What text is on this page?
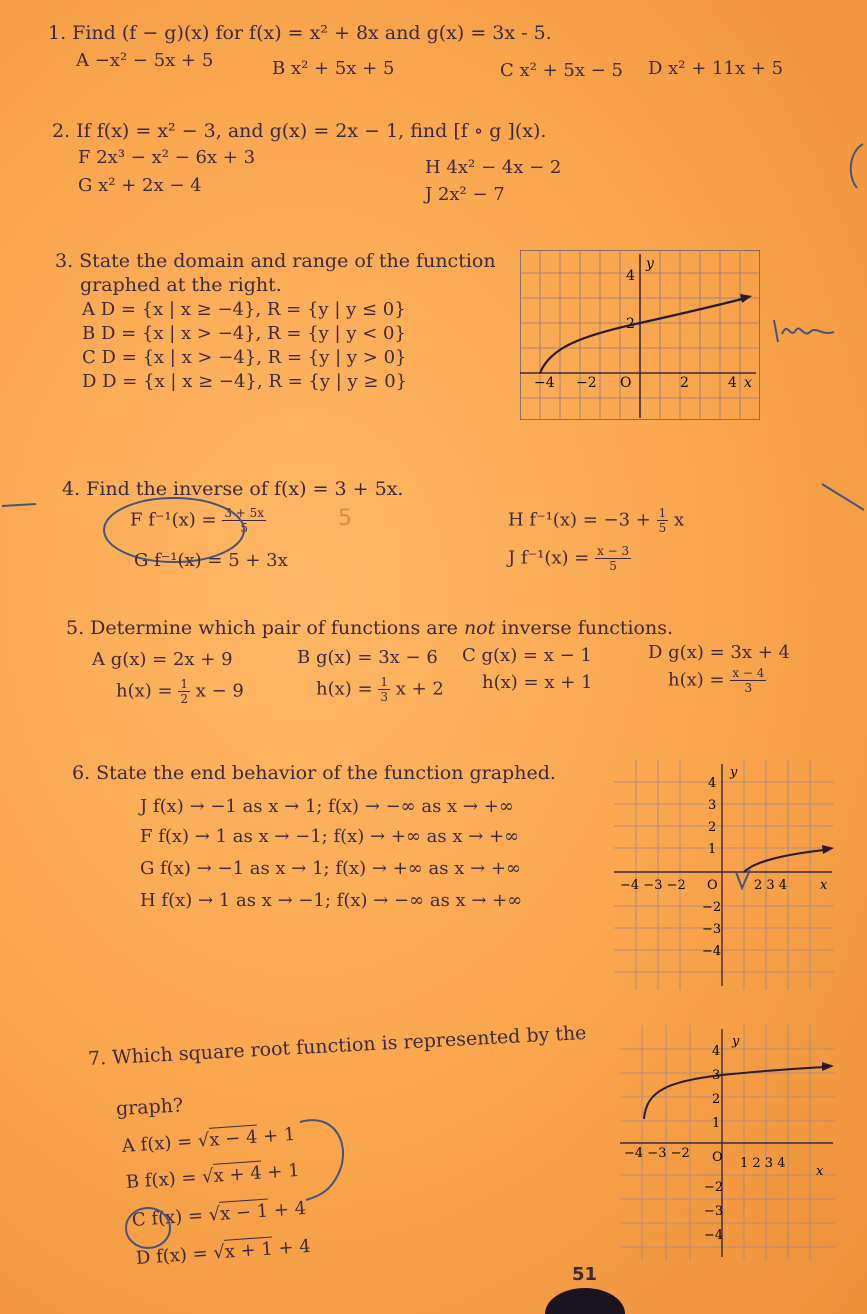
1. Find (f − g)(x) for f(x) = x² + 8x and g(x) = 3x - 5.
A −x² − 5x + 5	B x² + 5x + 5	C x² + 5x − 5 D x² + 11x + 5
2. If f(x) = x² − 3, and g(x) = 2x − 1, find [f ∘ g ](x).
F 2x³ − x² − 6x + 3
G x² + 2x − 4
H 4x² − 4x − 2
J 2x² − 7
3. State the domain and range of the function
graphed at the right.
A D = {x | x ≥ −4}, R = {y | y ≤ 0}
B D = {x | x > −4}, R = {y | y < 0}
C D = {x | x > −4}, R = {y | y > 0}
D D = {x | x ≥ −4}, R = {y | y ≥ 0}	−4 −2 O	2	4 x
4
2
y
4. Find the inverse of f(x) = 3 + 5x.
F $f^{-1}(x) = \frac{3 + 5x}{5}$	5
G f⁻¹(x) = 5 + 3x
H $f^{-1}(x) = -3 + \frac{1}{5}$ x
J $f^{-1}(x) = \frac{x - 3}{5}$
5. Determine which pair of functions are not inverse functions.
A g(x) = 2x + 9
$h(x) = \frac{1}{2}$ x − 9
B g(x) = 3x − 6
$h(x) = \frac{1}{3}$ x + 2
C g(x) = x − 1
h(x) = x + 1
D g(x) = 3x + 4
$h(x) = \frac{x - 4}{3}$
6. State the end behavior of the function graphed.
J f(x) → −1 as x → 1; f(x) → −∞ as x → +∞
F f(x) → 1 as x → −1; f(x) → +∞ as x → +∞
G f(x) → −1 as x → 1; f(x) → +∞ as x → +∞
H f(x) → 1 as x → −1; f(x) → −∞ as x → +∞
−4 −3 −2 O	2 3 4	x
y
4
3
2
1
−2
−3
−4
7. Which square root function is represented by the
graph?
A f(x) = √x − 4 + 1
B f(x) = √x + 4 + 1
C f(x) = √x − 1 + 4
D f(x) = √x + 1 + 4
−4 −3 −2 O 1 2 3 4
x
y
4
3
2
1
−2
−3
−4
51
